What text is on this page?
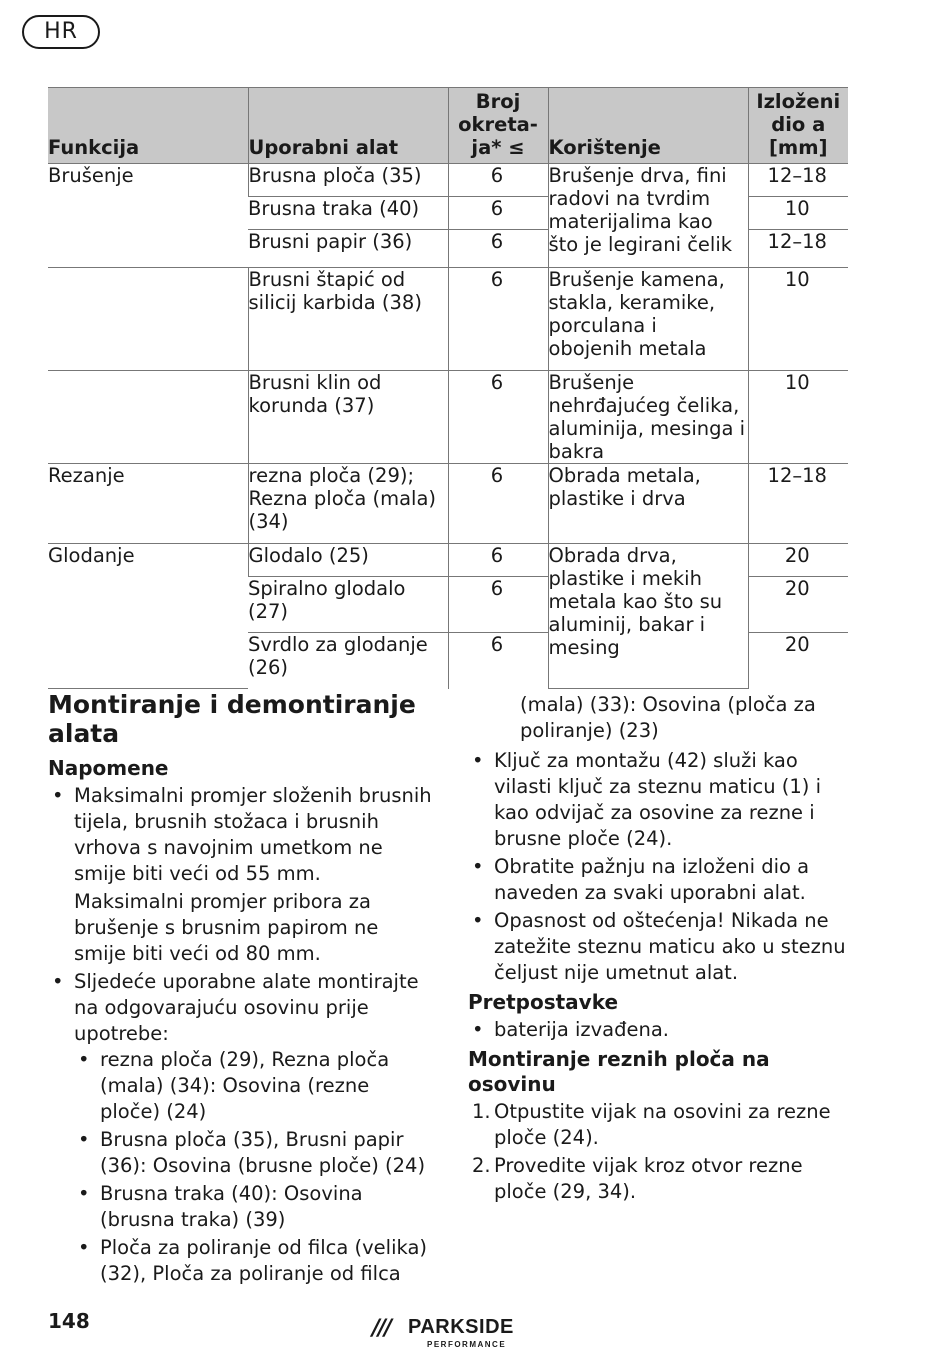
HR
Funkcija	Uporabni alat	Broj okreta-ja* ≤	Korištenje	Izloženi dio a [mm]
Brušenje	Brusna ploča (35)	6	Brušenje drva, fini radovi na tvrdim materijalima kao što je legirani čelik	12–18
	Brusna traka (40)	6		10
	Brusni papir (36)	6		12–18
	Brusni štapić od silicij karbida (38)	6	Brušenje kamena, stakla, keramike, porculana i obojenih metala	10
	Brusni klin od korunda (37)	6	Brušenje nehrđajućeg čelika, aluminija, mesinga i bakra	10
Rezanje	rezna ploča (29); Rezna ploča (mala) (34)	6	Obrada metala, plastike i drva	12–18
Glodanje	Glodalo (25)	6	Obrada drva, plastike i mekih metala kao što su aluminij, bakar i mesing	20
	Spiralno glodalo (27)	6		20
	Svrdlo za glodanje (26)	6		20
Montiranje i demontiranje alata
Napomene
• Maksimalni promjer složenih brusnih tijela, brusnih stožaca i brusnih vrhova s navojnim umetkom ne smije biti veći od 55 mm.

Maksimalni promjer pribora za brušenje s brusnim papirom ne smije biti veći od 80 mm.

• Sljedeće uporabne alate montirajte na odgovarajuću osovinu prije upotrebe:
• rezna ploča (29), Rezna ploča (mala) (34): Osovina (rezne ploče) (24)
• Brusna ploča (35), Brusni papir (36): Osovina (brusne ploče) (24)
• Brusna traka (40): Osovina (brusna traka) (39)
• Ploča za poliranje od filca (velika) (32), Ploča za poliranje od filca

(mala) (33): Osovina (ploča za poliranje) (23)

• Ključ za montažu (42) služi kao vilasti ključ za steznu maticu (1) i kao odvijač za osovine za rezne i brusne ploče (24).
• Obratite pažnju na izloženi dio a naveden za svaki uporabni alat.
• Opasnost od oštećenja! Nikada ne zatežite steznu maticu ako u steznu čeljust nije umetnut alat.
Pretpostavke
• baterija izvađena.
Montiranje reznih ploča na osovinu
1. Otpustite vijak na osovini za rezne ploče (24).
2. Provedite vijak kroz otvor rezne ploče (29, 34).
148	/// PARKSIDE
PERFORMANCE
